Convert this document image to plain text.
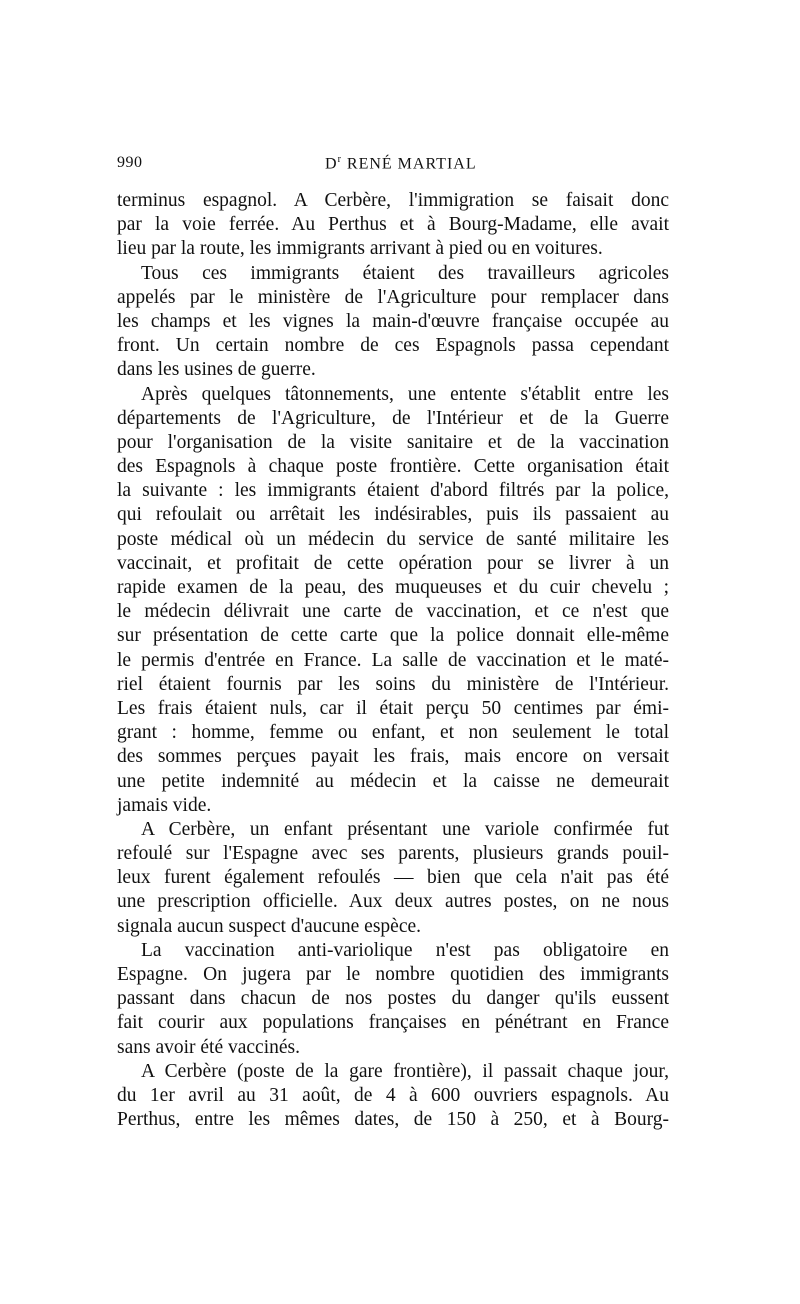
990	$D^r$ RENÉ MARTIAL
terminus espagnol. A Cerbère, l'immigration se faisait donc
par la voie ferrée. Au Perthus et à Bourg-Madame, elle avait
lieu par la route, les immigrants arrivant à pied ou en voitures.
Tous ces immigrants étaient des travailleurs agricoles
appelés par le ministère de l'Agriculture pour remplacer dans
les champs et les vignes la main-d'œuvre française occupée au
front. Un certain nombre de ces Espagnols passa cependant
dans les usines de guerre.
Après quelques tâtonnements, une entente s'établit entre les
départements de l'Agriculture, de l'Intérieur et de la Guerre
pour l'organisation de la visite sanitaire et de la vaccination
des Espagnols à chaque poste frontière. Cette organisation était
la suivante : les immigrants étaient d'abord filtrés par la police,
qui refoulait ou arrêtait les indésirables, puis ils passaient au
poste médical où un médecin du service de santé militaire les
vaccinait, et profitait de cette opération pour se livrer à un
rapide examen de la peau, des muqueuses et du cuir chevelu ;
le médecin délivrait une carte de vaccination, et ce n'est que
sur présentation de cette carte que la police donnait elle-même
le permis d'entrée en France. La salle de vaccination et le maté-
riel étaient fournis par les soins du ministère de l'Intérieur.
Les frais étaient nuls, car il était perçu 50 centimes par émi-
grant : homme, femme ou enfant, et non seulement le total
des sommes perçues payait les frais, mais encore on versait
une petite indemnité au médecin et la caisse ne demeurait
jamais vide.
A Cerbère, un enfant présentant une variole confirmée fut
refoulé sur l'Espagne avec ses parents, plusieurs grands pouil-
leux furent également refoulés — bien que cela n'ait pas été
une prescription officielle. Aux deux autres postes, on ne nous
signala aucun suspect d'aucune espèce.
La vaccination anti-variolique n'est pas obligatoire en
Espagne. On jugera par le nombre quotidien des immigrants
passant dans chacun de nos postes du danger qu'ils eussent
fait courir aux populations françaises en pénétrant en France
sans avoir été vaccinés.
A Cerbère (poste de la gare frontière), il passait chaque jour,
du 1er avril au 31 août, de 4 à 600 ouvriers espagnols. Au
Perthus, entre les mêmes dates, de 150 à 250, et à Bourg-
